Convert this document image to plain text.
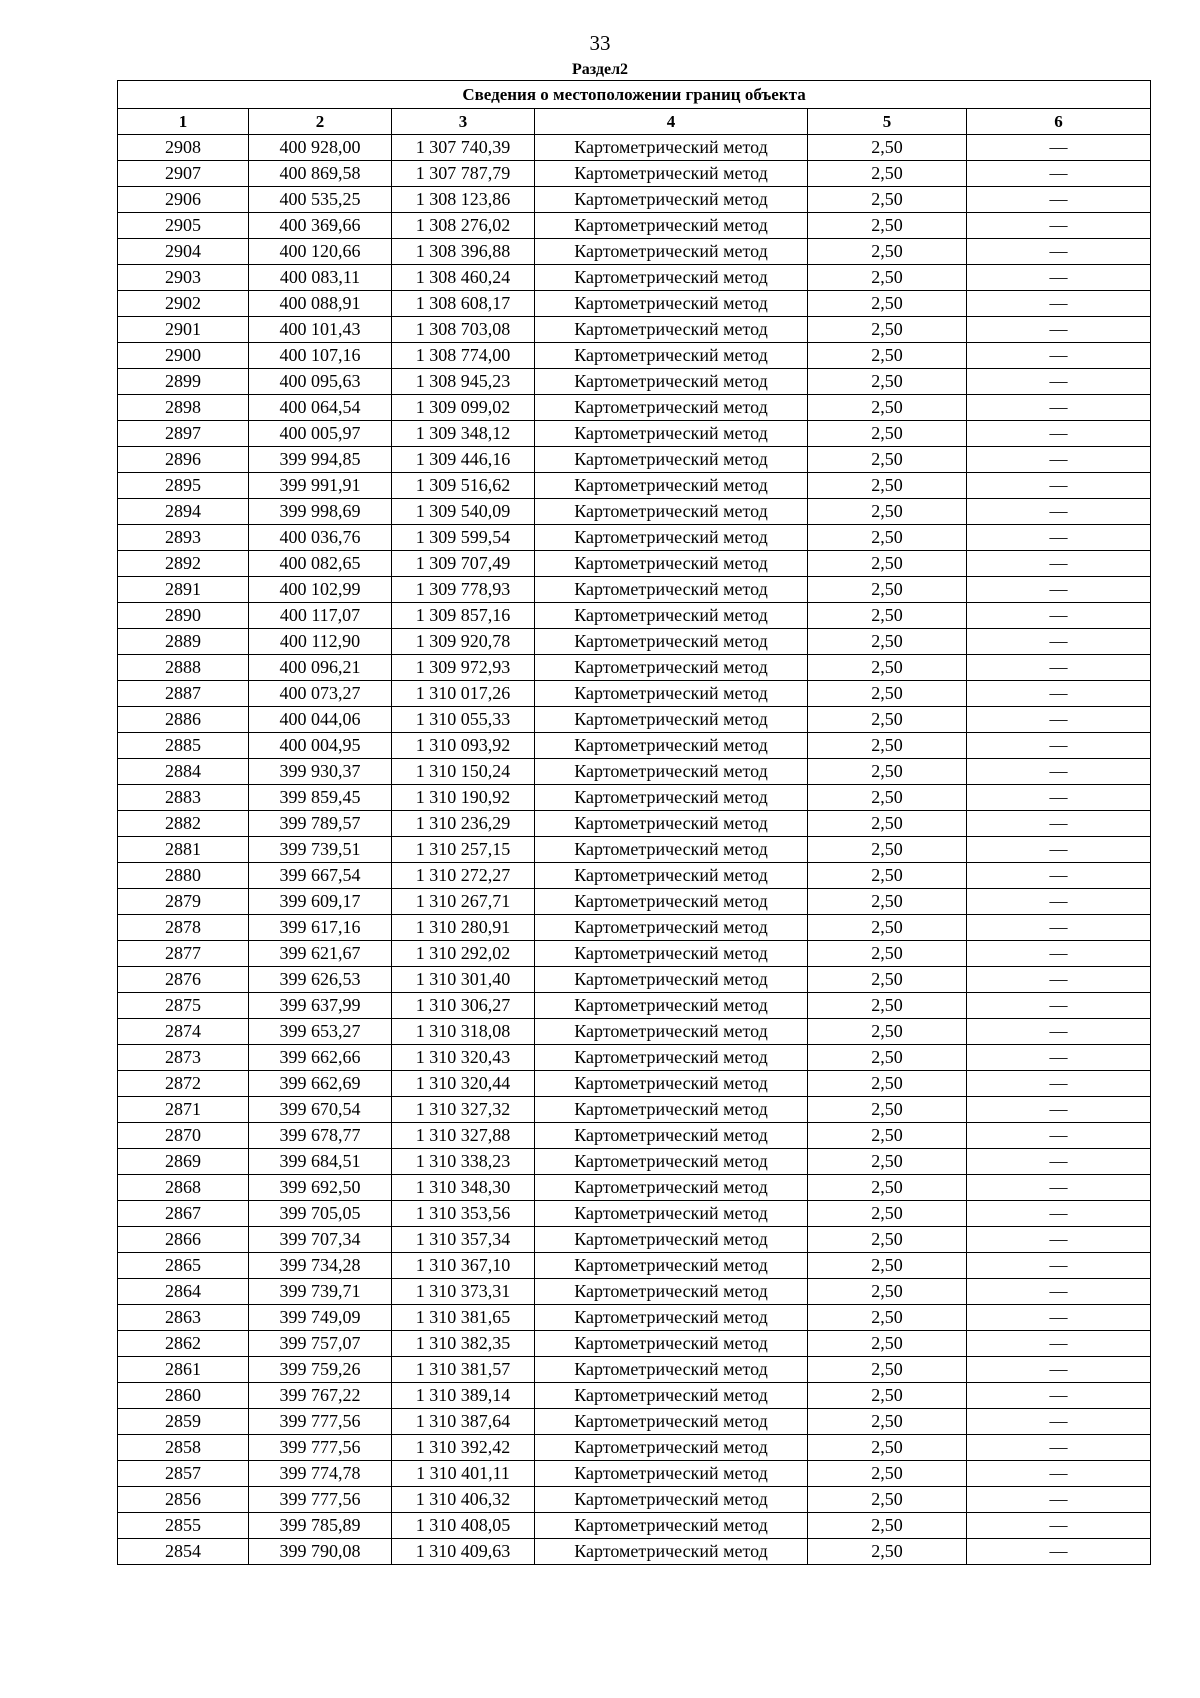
33
Раздел2
Сведения о местоположении границ объекта					
1	2	3	4	5	6
2908	400 928,00	1 307 740,39	Картометрический метод	2,50	—
2907	400 869,58	1 307 787,79	Картометрический метод	2,50	—
2906	400 535,25	1 308 123,86	Картометрический метод	2,50	—
2905	400 369,66	1 308 276,02	Картометрический метод	2,50	—
2904	400 120,66	1 308 396,88	Картометрический метод	2,50	—
2903	400 083,11	1 308 460,24	Картометрический метод	2,50	—
2902	400 088,91	1 308 608,17	Картометрический метод	2,50	—
2901	400 101,43	1 308 703,08	Картометрический метод	2,50	—
2900	400 107,16	1 308 774,00	Картометрический метод	2,50	—
2899	400 095,63	1 308 945,23	Картометрический метод	2,50	—
2898	400 064,54	1 309 099,02	Картометрический метод	2,50	—
2897	400 005,97	1 309 348,12	Картометрический метод	2,50	—
2896	399 994,85	1 309 446,16	Картометрический метод	2,50	—
2895	399 991,91	1 309 516,62	Картометрический метод	2,50	—
2894	399 998,69	1 309 540,09	Картометрический метод	2,50	—
2893	400 036,76	1 309 599,54	Картометрический метод	2,50	—
2892	400 082,65	1 309 707,49	Картометрический метод	2,50	—
2891	400 102,99	1 309 778,93	Картометрический метод	2,50	—
2890	400 117,07	1 309 857,16	Картометрический метод	2,50	—
2889	400 112,90	1 309 920,78	Картометрический метод	2,50	—
2888	400 096,21	1 309 972,93	Картометрический метод	2,50	—
2887	400 073,27	1 310 017,26	Картометрический метод	2,50	—
2886	400 044,06	1 310 055,33	Картометрический метод	2,50	—
2885	400 004,95	1 310 093,92	Картометрический метод	2,50	—
2884	399 930,37	1 310 150,24	Картометрический метод	2,50	—
2883	399 859,45	1 310 190,92	Картометрический метод	2,50	—
2882	399 789,57	1 310 236,29	Картометрический метод	2,50	—
2881	399 739,51	1 310 257,15	Картометрический метод	2,50	—
2880	399 667,54	1 310 272,27	Картометрический метод	2,50	—
2879	399 609,17	1 310 267,71	Картометрический метод	2,50	—
2878	399 617,16	1 310 280,91	Картометрический метод	2,50	—
2877	399 621,67	1 310 292,02	Картометрический метод	2,50	—
2876	399 626,53	1 310 301,40	Картометрический метод	2,50	—
2875	399 637,99	1 310 306,27	Картометрический метод	2,50	—
2874	399 653,27	1 310 318,08	Картометрический метод	2,50	—
2873	399 662,66	1 310 320,43	Картометрический метод	2,50	—
2872	399 662,69	1 310 320,44	Картометрический метод	2,50	—
2871	399 670,54	1 310 327,32	Картометрический метод	2,50	—
2870	399 678,77	1 310 327,88	Картометрический метод	2,50	—
2869	399 684,51	1 310 338,23	Картометрический метод	2,50	—
2868	399 692,50	1 310 348,30	Картометрический метод	2,50	—
2867	399 705,05	1 310 353,56	Картометрический метод	2,50	—
2866	399 707,34	1 310 357,34	Картометрический метод	2,50	—
2865	399 734,28	1 310 367,10	Картометрический метод	2,50	—
2864	399 739,71	1 310 373,31	Картометрический метод	2,50	—
2863	399 749,09	1 310 381,65	Картометрический метод	2,50	—
2862	399 757,07	1 310 382,35	Картометрический метод	2,50	—
2861	399 759,26	1 310 381,57	Картометрический метод	2,50	—
2860	399 767,22	1 310 389,14	Картометрический метод	2,50	—
2859	399 777,56	1 310 387,64	Картометрический метод	2,50	—
2858	399 777,56	1 310 392,42	Картометрический метод	2,50	—
2857	399 774,78	1 310 401,11	Картометрический метод	2,50	—
2856	399 777,56	1 310 406,32	Картометрический метод	2,50	—
2855	399 785,89	1 310 408,05	Картометрический метод	2,50	—
2854	399 790,08	1 310 409,63	Картометрический метод	2,50	—
